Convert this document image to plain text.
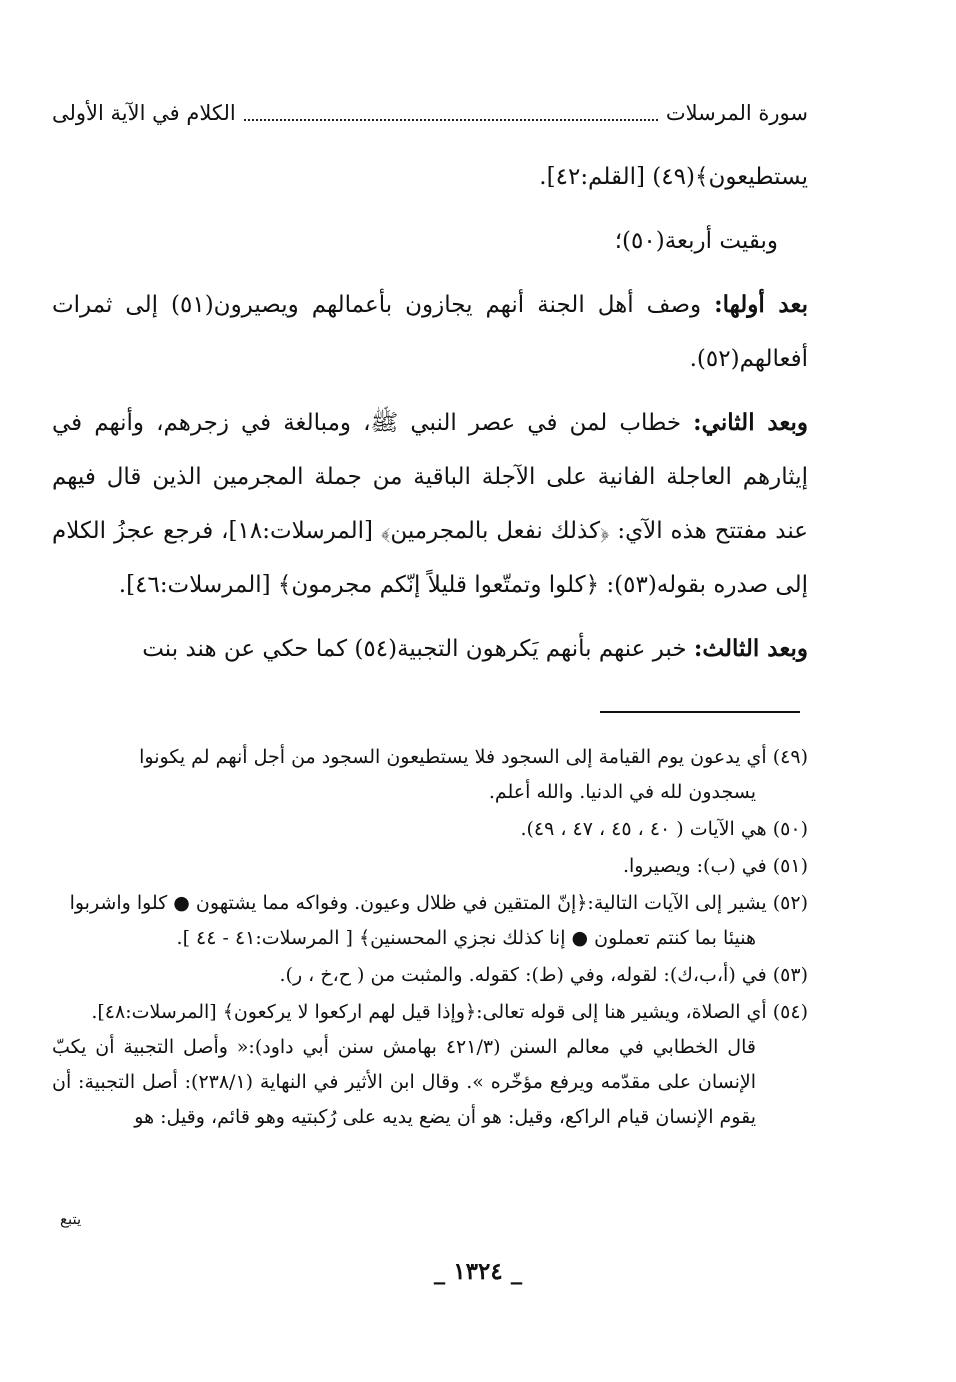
سورة المرسلات
الكلام في الآية الأولى

يستطيعون﴾(٤٩) [القلم:٤٢].

وبقيت أربعة(٥٠)؛

بعد أولها: وصف أهل الجنة أنهم يجازون بأعمالهم ويصيرون(٥١) إلى ثمرات أفعالهم(٥٢).

وبعد الثاني: خطاب لمن في عصر النبي ﷺ، ومبالغة في زجرهم، وأنهم في إيثارهم العاجلة الفانية على الآجلة الباقية من جملة المجرمين الذين قال فيهم عند مفتتح هذه الآي: ﴿كذلك نفعل بالمجرمين﴾ [المرسلات:١٨]، فرجع عجزُ الكلام إلى صدره بقوله(٥٣): ﴿كلوا وتمتّعوا قليلاً إنّكم مجرمون﴾ [المرسلات:٤٦].

وبعد الثالث: خبر عنهم بأنهم يَكرهون التجبية(٥٤) كما حكي عن هند بنت

(٤٩) أي يدعون يوم القيامة إلى السجود فلا يستطيعون السجود من أجل أنهم لم يكونوا
يسجدون لله في الدنيا. والله أعلم.
(٥٠) هي الآيات ( ٤٠ ، ٤٥ ، ٤٧ ، ٤٩).
(٥١) في (ب): ويصيروا.
(٥٢) يشير إلى الآيات التالية:﴿إنّ المتقين في ظلال وعيون. وفواكه مما يشتهون ● كلوا واشربوا
هنيئا بما كنتم تعملون ● إنا كذلك نجزي المحسنين﴾ [ المرسلات:٤١ - ٤٤ ].
(٥٣) في (أ،ب،ك): لقوله، وفي (ط): كقوله. والمثبت من ( ح،خ ، ر).
(٥٤) أي الصلاة، ويشير هنا إلى قوله تعالى:﴿وإذا قيل لهم اركعوا لا يركعون﴾ [المرسلات:٤٨].
قال الخطابي في معالم السنن (٤٢١/٣ بهامش سنن أبي داود):« وأصل التجبية أن يكبّ الإنسان على مقدّمه ويرفع مؤخّره ». وقال ابن الأثير في النهاية (٢٣٨/١): أصل التجبية: أن يقوم الإنسان قيام الراكع، وقيل: هو أن يضع يديه على رُكبتيه وهو قائم، وقيل: هو
يتبع
_ ١٣٢٤ _
